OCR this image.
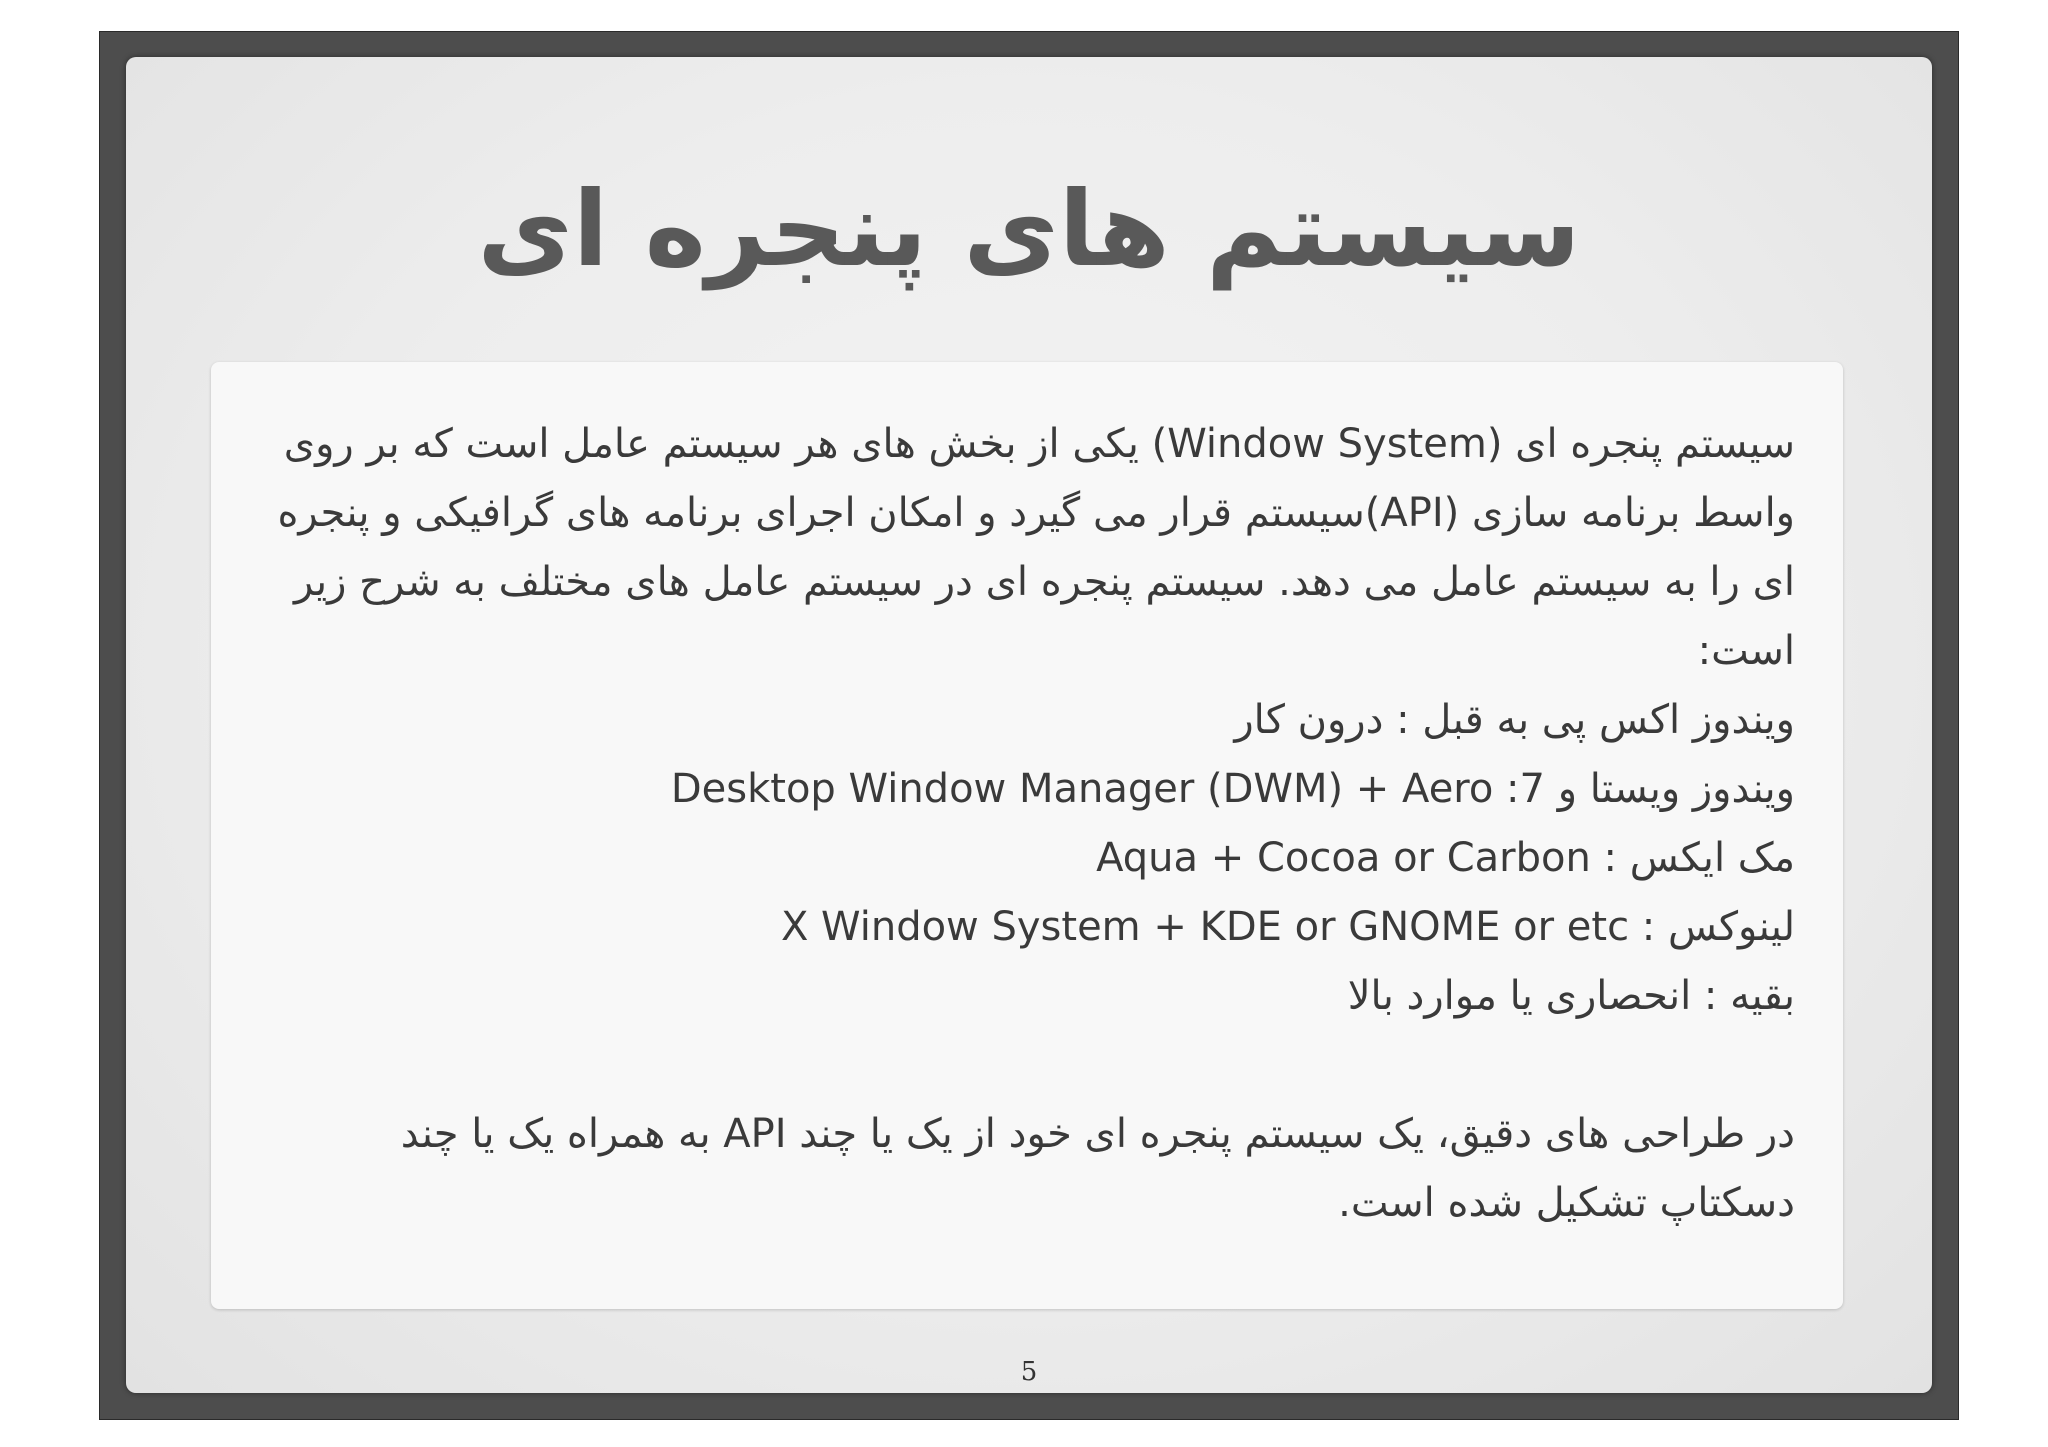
سیستم های پنجره ای

سیستم پنجره ای (Window System) یکی از بخش های هر سیستم عامل است که بر روی واسط برنامه سازی (API)سیستم قرار می گیرد و امکان اجرای برنامه های گرافیکی و پنجره ای را به سیستم عامل می دهد. سیستم پنجره ای در سیستم عامل های مختلف به شرح زیر است:

ویندوز اکس پی به قبل : درون کار

ویندوز ویستا و 7: Desktop Window Manager (DWM) + Aero

مک ایکس : Aqua + Cocoa or Carbon

لینوکس : X Window System + KDE or GNOME or etc

بقیه : انحصاری یا موارد بالا

در طراحی های دقیق، یک سیستم پنجره ای خود از یک یا چند API به همراه یک یا چند دسکتاپ تشکیل شده است.

5
